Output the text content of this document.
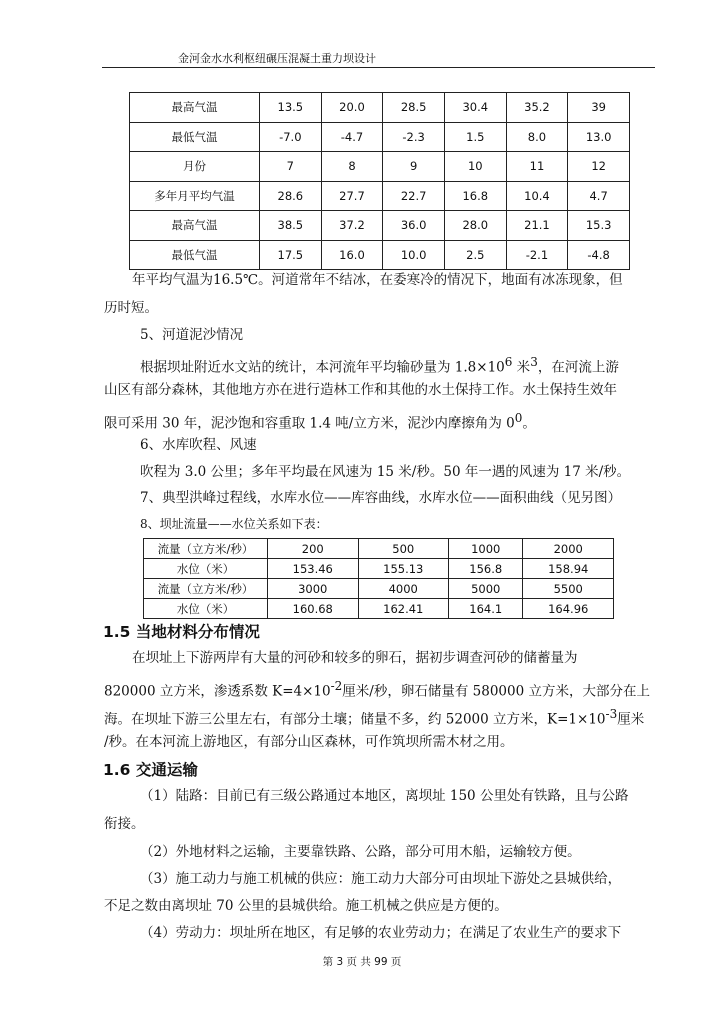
金河金水水利枢纽碾压混凝土重力坝设计
最高气温	13.5	20.0	28.5	30.4	35.2	39
最低气温	-7.0	-4.7	-2.3	1.5	8.0	13.0
月份	7	8	9	10	11	12
多年月平均气温	28.6	27.7	22.7	16.8	10.4	4.7
最高气温	38.5	37.2	36.0	28.0	21.1	15.3
最低气温	17.5	16.0	10.0	2.5	-2.1	-4.8
年平均气温为16.5℃。河道常年不结冰，在委寒冷的情况下，地面有冰冻现象，但
历时短。
5、河道泥沙情况
根据坝址附近水文站的统计，本河流年平均输砂量为 $1.8\times 10^6$ 米$^3$，在河流上游
山区有部分森林，其他地方亦在进行造林工作和其他的水土保持工作。水土保持生效年
限可采用 30 年，泥沙饱和容重取 1.4 吨/立方米，泥沙内摩擦角为 $0^0$。
6、水库吹程、风速
吹程为 3.0 公里；多年平均最在风速为 15 米/秒。50 年一遇的风速为 17 米/秒。
7、典型洪峰过程线，水库水位——库容曲线，水库水位——面积曲线（见另图）
8、坝址流量——水位关系如下表：
流量（立方米/秒）	200	500	1000	2000
水位（米）	153.46	155.13	156.8	158.94
流量（立方米/秒）	3000	4000	5000	5500
水位（米）	160.68	162.41	164.1	164.96
1.5 当地材料分布情况
在坝址上下游两岸有大量的河砂和较多的卵石，据初步调查河砂的储蓄量为
820000 立方米，渗透系数 $K=4\times 10^{-2}$厘米/秒，卵石储量有 580000 立方米，大部分在上
海。在坝址下游三公里左右，有部分土壤；储量不多，约 52000 立方米，$K=1\times 10^{-3}$厘米
/秒。在本河流上游地区，有部分山区森林，可作筑坝所需木材之用。
1.6 交通运输
（1）陆路：目前已有三级公路通过本地区，离坝址 150 公里处有铁路，且与公路
衔接。
（2）外地材料之运输，主要靠铁路、公路，部分可用木船，运输较方便。
（3）施工动力与施工机械的供应：施工动力大部分可由坝址下游处之县城供给，
不足之数由离坝址 70 公里的县城供给。施工机械之供应是方便的。
（4）劳动力：坝址所在地区，有足够的农业劳动力；在满足了农业生产的要求下
第 3 页 共 99 页
